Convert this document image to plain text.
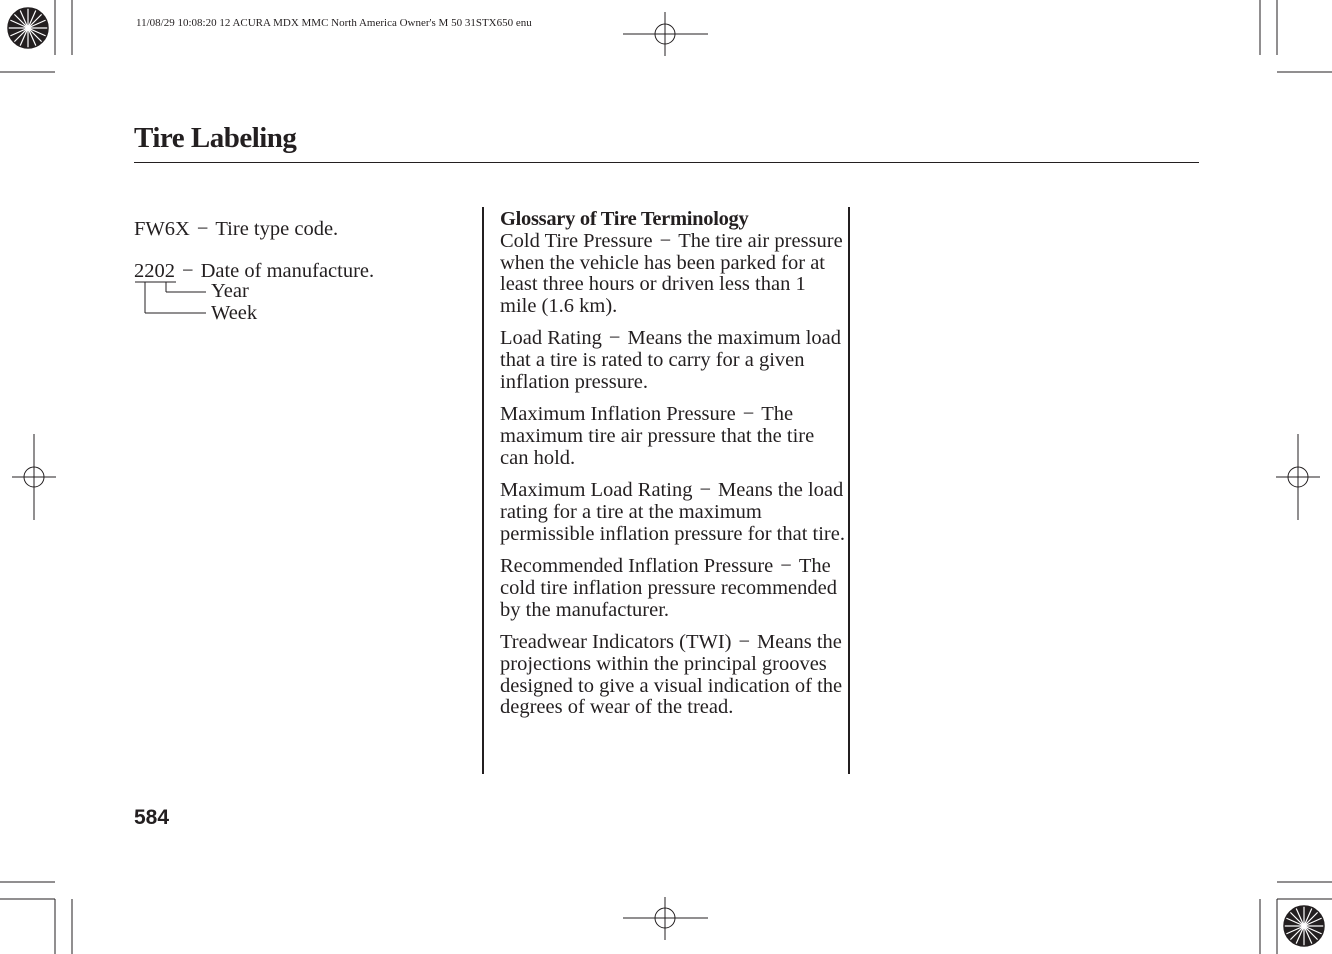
11/08/29 10:08:20 12 ACURA MDX MMC North America Owner's M 50 31STX650 enu
Tire Labeling
FW6X − Tire type code.
2202 − Date of manufacture.
Year
Week
Glossary of Tire Terminology
Cold Tire Pressure − The tire air pressure when the vehicle has been parked for at least three hours or driven less than 1 mile (1.6 km).
Load Rating − Means the maximum load that a tire is rated to carry for a given inflation pressure.
Maximum Inflation Pressure − The maximum tire air pressure that the tire can hold.
Maximum Load Rating − Means the load rating for a tire at the maximum permissible inflation pressure for that tire.
Recommended Inflation Pressure − The cold tire inflation pressure recommended by the manufacturer.
Treadwear Indicators (TWI) − Means the projections within the principal grooves designed to give a visual indication of the degrees of wear of the tread.
584
